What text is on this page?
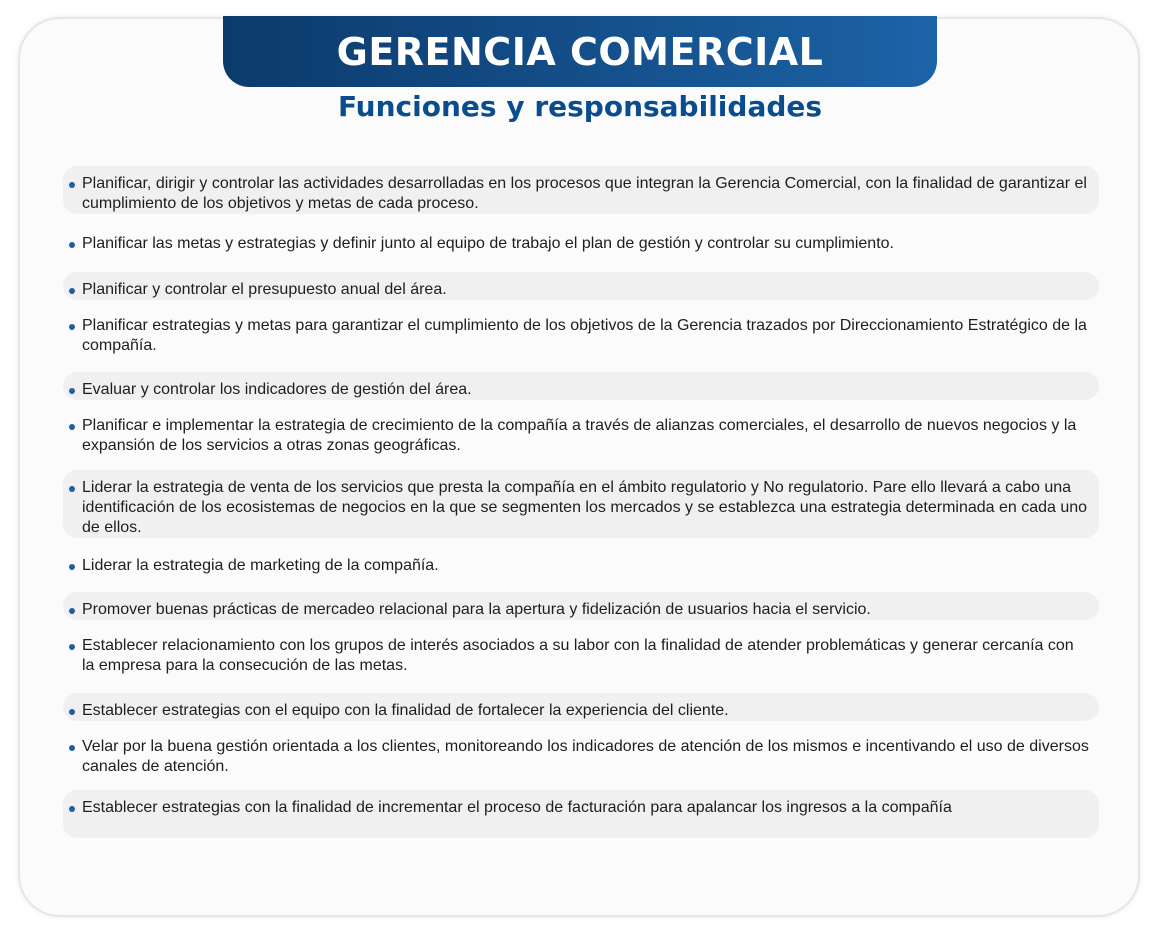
GERENCIA COMERCIAL
Funciones y responsabilidades
Planificar, dirigir y controlar las actividades desarrolladas en los procesos que integran la Gerencia Comercial, con la finalidad de garantizar el cumplimiento de los objetivos y metas de cada proceso.
Planificar las metas y estrategias y definir junto al equipo de trabajo el plan de gestión y controlar su cumplimiento.
Planificar y controlar el presupuesto anual del área.
Planificar estrategias y metas para garantizar el cumplimiento de los objetivos de la Gerencia trazados por Direccionamiento Estratégico de la compañía.
Evaluar y controlar los indicadores de gestión del área.
Planificar e implementar la estrategia de crecimiento de la compañía a través de alianzas comerciales, el desarrollo de nuevos negocios y la expansión de los servicios a otras zonas geográficas.
Liderar la estrategia de venta de los servicios que presta la compañía en el ámbito regulatorio y No regulatorio. Pare ello llevará a cabo una identificación de los ecosistemas de negocios en la que se segmenten los mercados y se establezca una estrategia determinada en cada uno de ellos.
Liderar la estrategia de marketing de la compañía.
Promover buenas prácticas de mercadeo relacional para la apertura y fidelización de usuarios hacia el servicio.
Establecer relacionamiento con los grupos de interés asociados a su labor con la finalidad de atender problemáticas y generar cercanía con la empresa para la consecución de las metas.
Establecer estrategias con el equipo con la finalidad de fortalecer la experiencia del cliente.
Velar por la buena gestión orientada a los clientes, monitoreando los indicadores de atención de los mismos e incentivando el uso de diversos canales de atención.
Establecer estrategias con la finalidad de incrementar el proceso de facturación para apalancar los ingresos a la compañía
